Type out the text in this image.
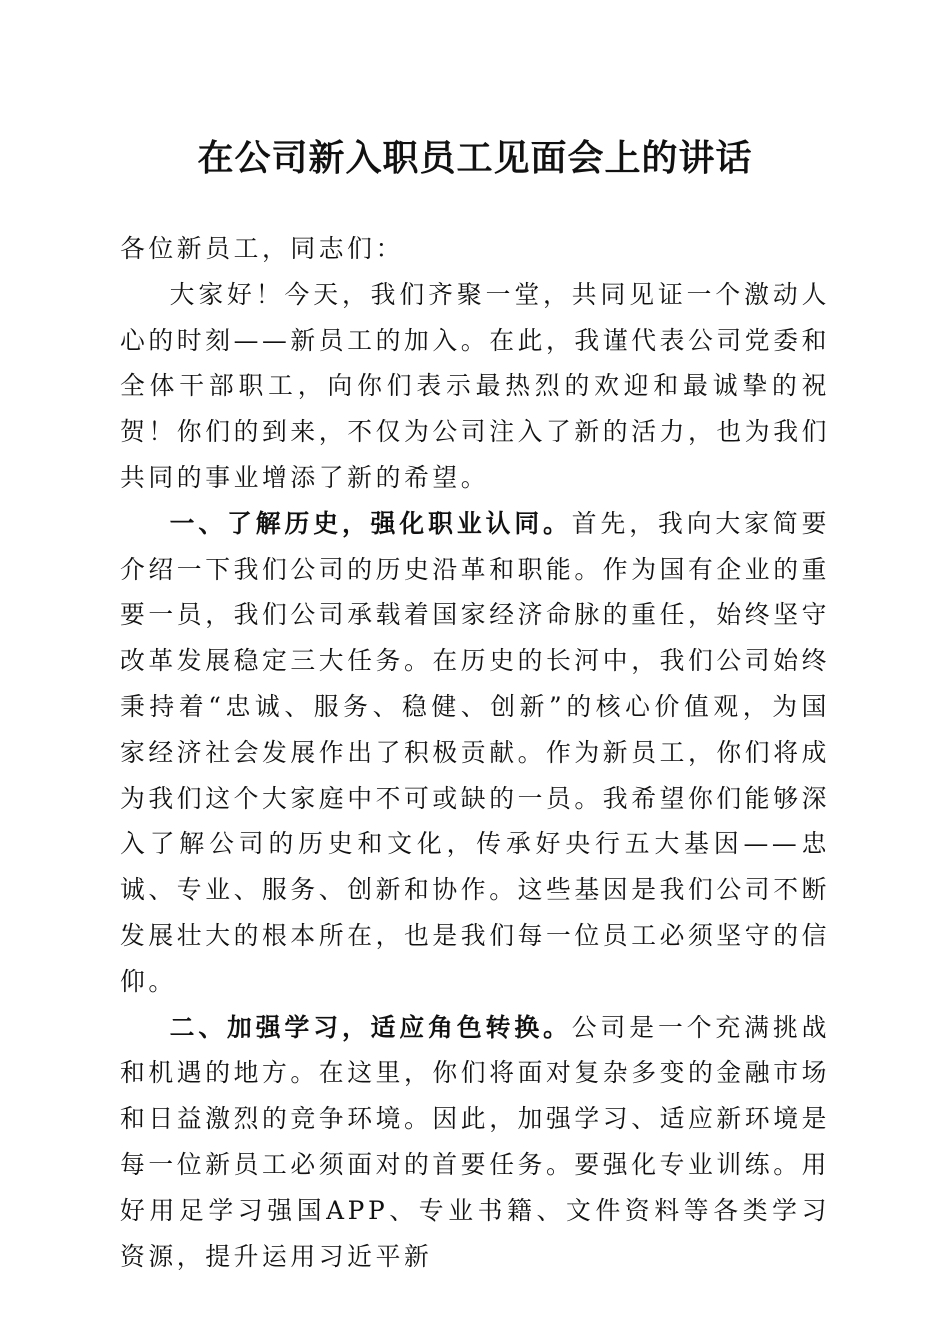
在公司新入职员工见面会上的讲话

各位新员工，同志们：

大家好！今天，我们齐聚一堂，共同见证一个激动人心的时刻——新员工的加入。在此，我谨代表公司党委和全体干部职工，向你们表示最热烈的欢迎和最诚挚的祝贺！你们的到来，不仅为公司注入了新的活力，也为我们共同的事业增添了新的希望。

一、了解历史，强化职业认同。首先，我向大家简要介绍一下我们公司的历史沿革和职能。作为国有企业的重要一员，我们公司承载着国家经济命脉的重任，始终坚守改革发展稳定三大任务。在历史的长河中，我们公司始终秉持着“忠诚、服务、稳健、创新”的核心价值观，为国家经济社会发展作出了积极贡献。作为新员工，你们将成为我们这个大家庭中不可或缺的一员。我希望你们能够深入了解公司的历史和文化，传承好央行五大基因——忠诚、专业、服务、创新和协作。这些基因是我们公司不断发展壮大的根本所在，也是我们每一位员工必须坚守的信仰。

二、加强学习，适应角色转换。公司是一个充满挑战和机遇的地方。在这里，你们将面对复杂多变的金融市场和日益激烈的竞争环境。因此，加强学习、适应新环境是每一位新员工必须面对的首要任务。要强化专业训练。用好用足学习强国APP、专业书籍、文件资料等各类学习资源，提升运用习近平新
